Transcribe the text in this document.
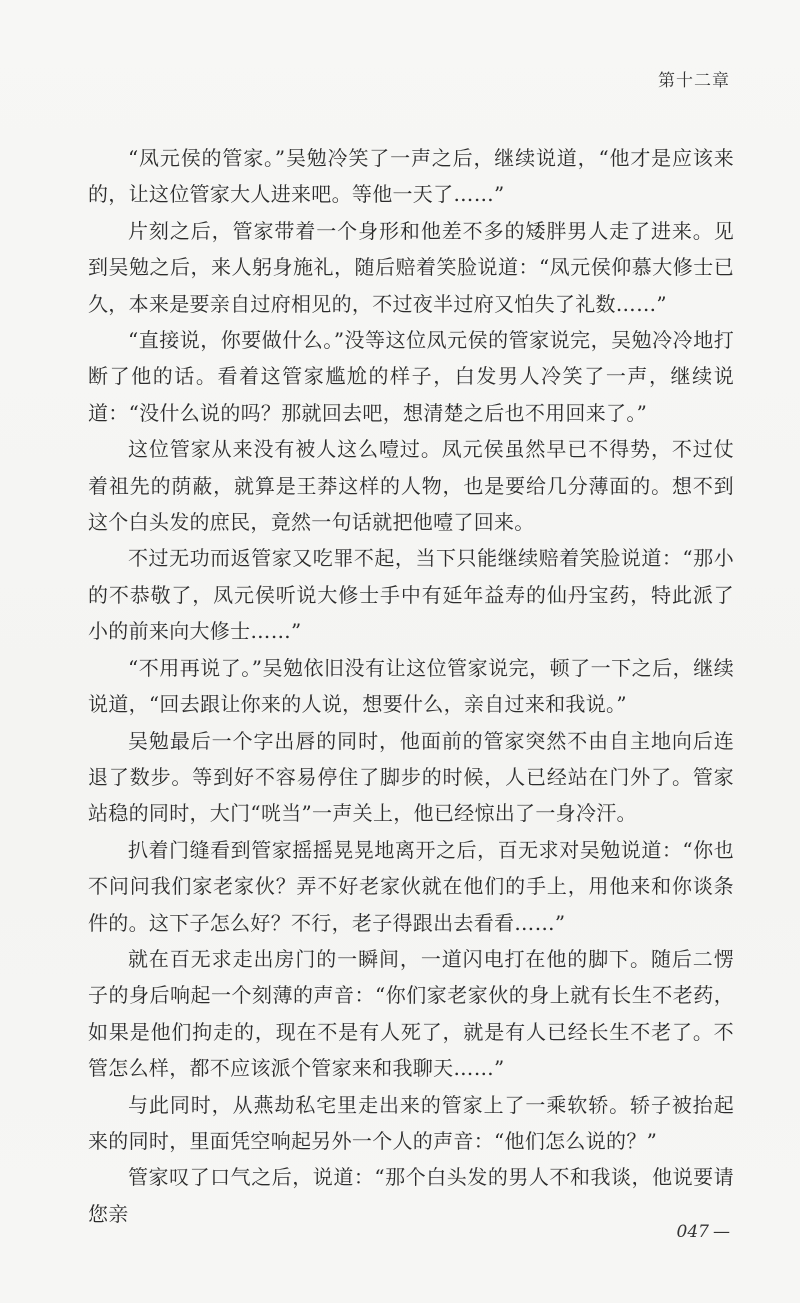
第十二章

“凤元侯的管家。”吴勉冷笑了一声之后，继续说道，“他才是应该来的，让这位管家大人进来吧。等他一天了……”

片刻之后，管家带着一个身形和他差不多的矮胖男人走了进来。见到吴勉之后，来人躬身施礼，随后赔着笑脸说道：“凤元侯仰慕大修士已久，本来是要亲自过府相见的，不过夜半过府又怕失了礼数……”

“直接说，你要做什么。”没等这位凤元侯的管家说完，吴勉冷冷地打断了他的话。看着这管家尴尬的样子，白发男人冷笑了一声，继续说道：“没什么说的吗？那就回去吧，想清楚之后也不用回来了。”

这位管家从来没有被人这么噎过。凤元侯虽然早已不得势，不过仗着祖先的荫蔽，就算是王莽这样的人物，也是要给几分薄面的。想不到这个白头发的庶民，竟然一句话就把他噎了回来。

不过无功而返管家又吃罪不起，当下只能继续赔着笑脸说道：“那小的不恭敬了，凤元侯听说大修士手中有延年益寿的仙丹宝药，特此派了小的前来向大修士……”

“不用再说了。”吴勉依旧没有让这位管家说完，顿了一下之后，继续说道，“回去跟让你来的人说，想要什么，亲自过来和我说。”

吴勉最后一个字出唇的同时，他面前的管家突然不由自主地向后连退了数步。等到好不容易停住了脚步的时候，人已经站在门外了。管家站稳的同时，大门“咣当”一声关上，他已经惊出了一身冷汗。

扒着门缝看到管家摇摇晃晃地离开之后，百无求对吴勉说道：“你也不问问我们家老家伙？弄不好老家伙就在他们的手上，用他来和你谈条件的。这下子怎么好？不行，老子得跟出去看看……”

就在百无求走出房门的一瞬间，一道闪电打在他的脚下。随后二愣子的身后响起一个刻薄的声音：“你们家老家伙的身上就有长生不老药，如果是他们拘走的，现在不是有人死了，就是有人已经长生不老了。不管怎么样，都不应该派个管家来和我聊天……”

与此同时，从燕劫私宅里走出来的管家上了一乘软轿。轿子被抬起来的同时，里面凭空响起另外一个人的声音：“他们怎么说的？”

管家叹了口气之后，说道：“那个白头发的男人不和我谈，他说要请您亲

047 —
